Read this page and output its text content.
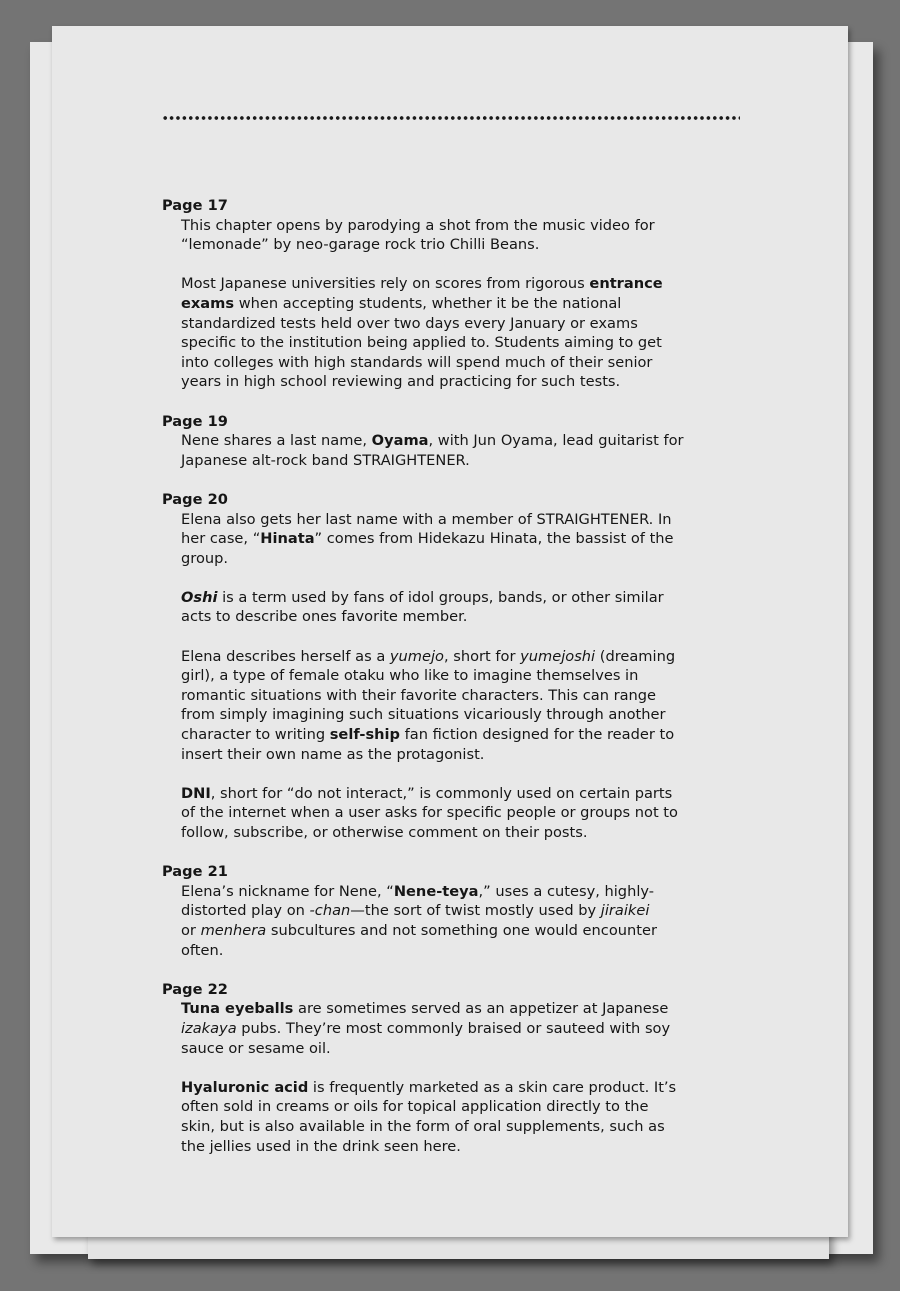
Page 17
This chapter opens by parodying a shot from the music video for
“lemonade” by neo-garage rock trio Chilli Beans.
Most Japanese universities rely on scores from rigorous entrance
exams when accepting students, whether it be the national
standardized tests held over two days every January or exams
specific to the institution being applied to. Students aiming to get
into colleges with high standards will spend much of their senior
years in high school reviewing and practicing for such tests.
Page 19
Nene shares a last name, Oyama, with Jun Oyama, lead guitarist for
Japanese alt-rock band STRAIGHTENER.
Page 20
Elena also gets her last name with a member of STRAIGHTENER. In
her case, “Hinata” comes from Hidekazu Hinata, the bassist of the
group.
Oshi is a term used by fans of idol groups, bands, or other similar
acts to describe ones favorite member.
Elena describes herself as a yumejo, short for yumejoshi (dreaming
girl), a type of female otaku who like to imagine themselves in
romantic situations with their favorite characters. This can range
from simply imagining such situations vicariously through another
character to writing self-ship fan fiction designed for the reader to
insert their own name as the protagonist.
DNI, short for “do not interact,” is commonly used on certain parts
of the internet when a user asks for specific people or groups not to
follow, subscribe, or otherwise comment on their posts.
Page 21
Elena’s nickname for Nene, “Nene-teya,” uses a cutesy, highly-
distorted play on -chan—the sort of twist mostly used by jiraikei
or menhera subcultures and not something one would encounter
often.
Page 22
Tuna eyeballs are sometimes served as an appetizer at Japanese
izakaya pubs. They’re most commonly braised or sauteed with soy
sauce or sesame oil.
Hyaluronic acid is frequently marketed as a skin care product. It’s
often sold in creams or oils for topical application directly to the
skin, but is also available in the form of oral supplements, such as
the jellies used in the drink seen here.
